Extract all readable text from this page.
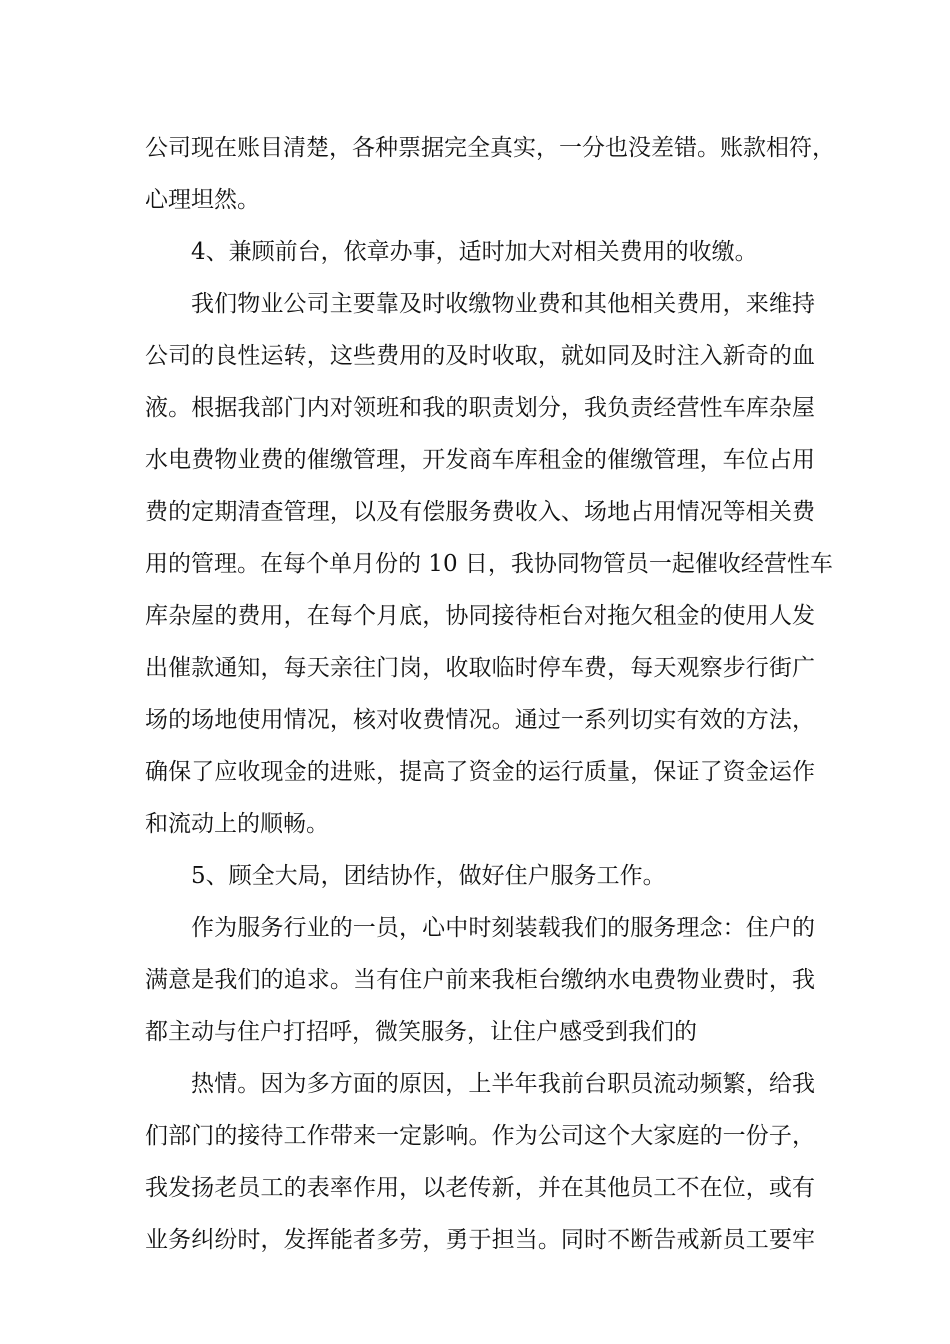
公司现在账目清楚，各种票据完全真实，一分也没差错。账款相符，
心理坦然。
4、兼顾前台，依章办事，适时加大对相关费用的收缴。
我们物业公司主要靠及时收缴物业费和其他相关费用，来维持
公司的良性运转，这些费用的及时收取，就如同及时注入新奇的血
液。根据我部门内对领班和我的职责划分，我负责经营性车库杂屋
水电费物业费的催缴管理，开发商车库租金的催缴管理，车位占用
费的定期清查管理，以及有偿服务费收入、场地占用情况等相关费
用的管理。在每个单月份的 10 日，我协同物管员一起催收经营性车
库杂屋的费用，在每个月底，协同接待柜台对拖欠租金的使用人发
出催款通知，每天亲往门岗，收取临时停车费，每天观察步行街广
场的场地使用情况，核对收费情况。通过一系列切实有效的方法，
确保了应收现金的进账，提高了资金的运行质量，保证了资金运作
和流动上的顺畅。
5、顾全大局，团结协作，做好住户服务工作。
作为服务行业的一员，心中时刻装载我们的服务理念：住户的
满意是我们的追求。当有住户前来我柜台缴纳水电费物业费时，我
都主动与住户打招呼，微笑服务，让住户感受到我们的
热情。因为多方面的原因，上半年我前台职员流动频繁，给我
们部门的接待工作带来一定影响。作为公司这个大家庭的一份子，
我发扬老员工的表率作用，以老传新，并在其他员工不在位，或有
业务纠纷时，发挥能者多劳，勇于担当。同时不断告戒新员工要牢
